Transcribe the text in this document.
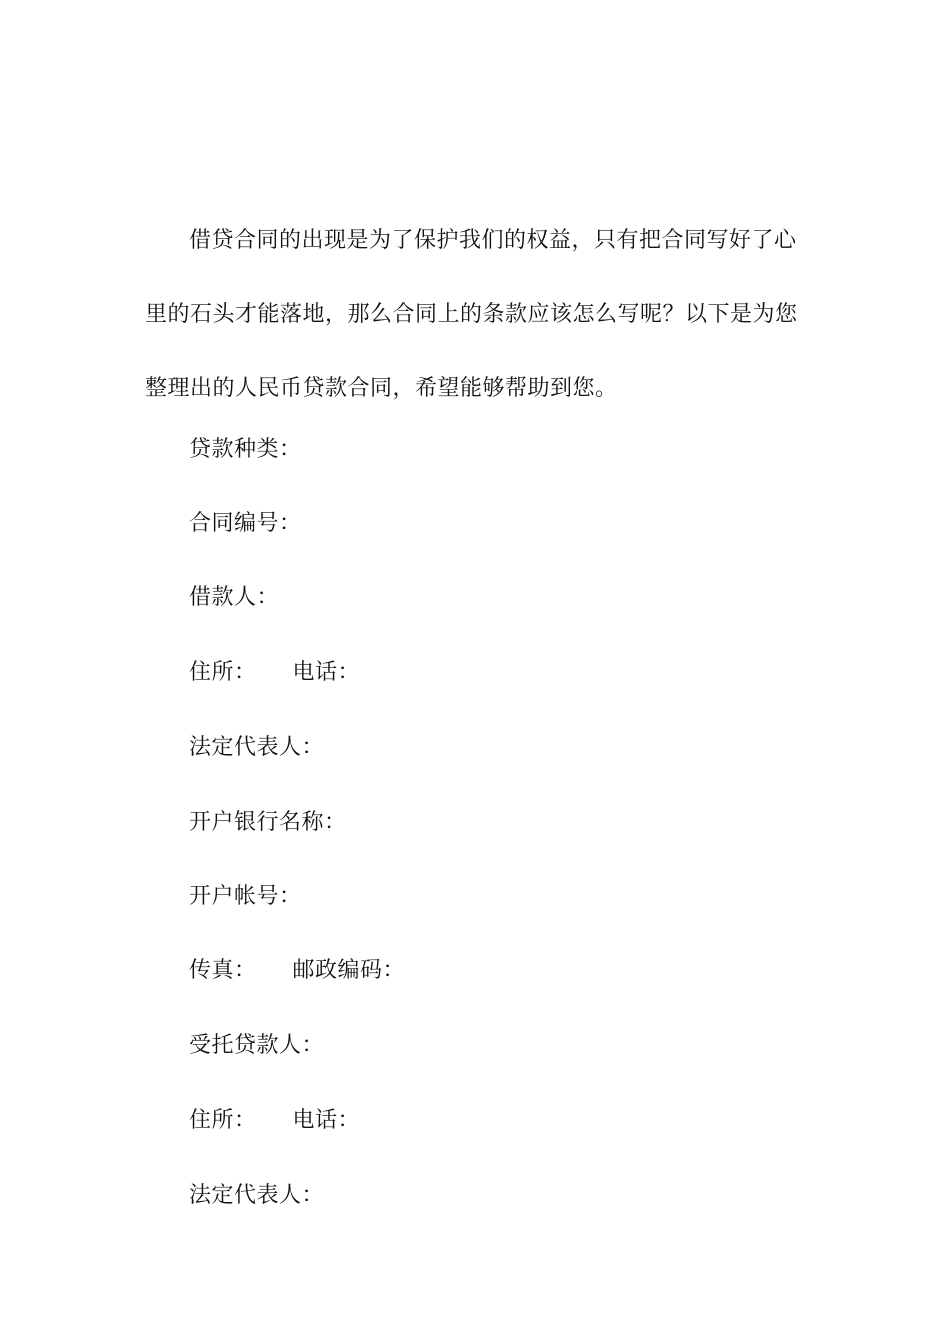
借贷合同的出现是为了保护我们的权益，只有把合同写好了心里的石头才能落地，那么合同上的条款应该怎么写呢？以下是为您整理出的人民币贷款合同，希望能够帮助到您。

贷款种类：

合同编号：

借款人：

住所： 电话：

法定代表人：

开户银行名称：

开户帐号：

传真： 邮政编码：

受托贷款人：

住所： 电话：

法定代表人：
